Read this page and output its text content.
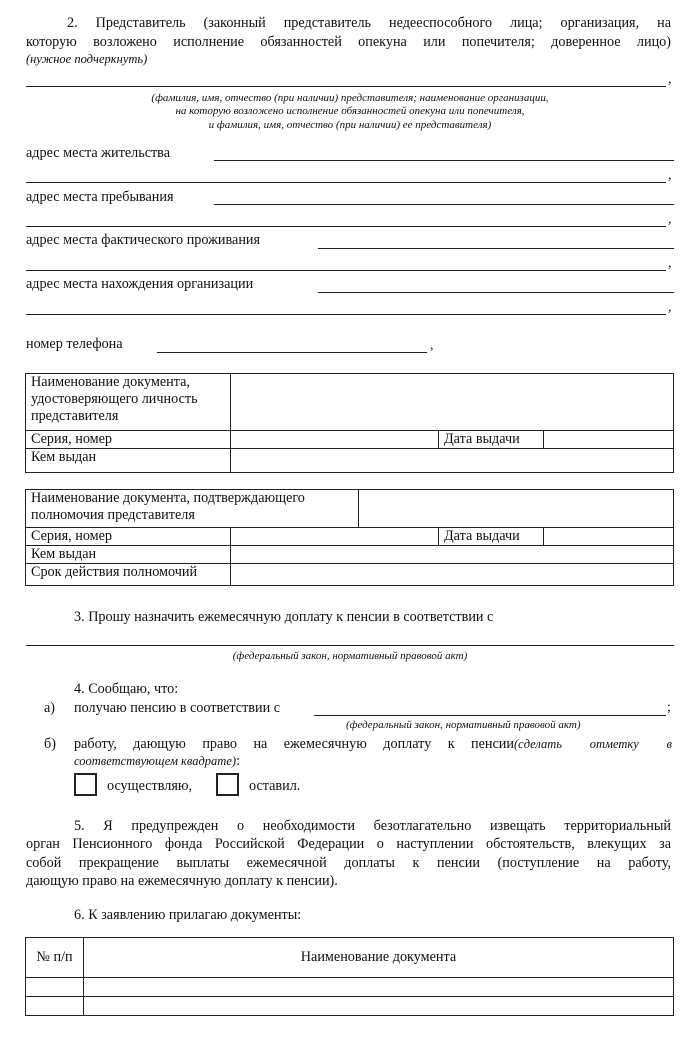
2. Представитель (законный представитель недееспособного лица; организация, на
которую возложено исполнение обязанностей опекуна или попечителя; доверенное лицо)
(нужное подчеркнуть)
,
(фамилия, имя, отчество (при наличии) представителя; наименование организации,
на которую возложено исполнение обязанностей опекуна или попечителя,
и фамилия, имя, отчество (при наличии) ее представителя)
адрес места жительства
,
адрес места пребывания
,
адрес места фактического проживания
,
адрес места нахождения организации
,
номер телефона	,
Наименование документа,
удостоверяющего личность
представителя			
Серия, номер		Дата выдачи	
Кем выдан			
Наименование документа, подтверждающего
полномочия представителя				
Серия, номер			Дата выдачи	
Кем выдан				
Срок действия полномочий				
3. Прошу назначить ежемесячную доплату к пенсии в соответствии с
(федеральный закон, нормативный правовой акт)
4. Сообщаю, что:
а) получаю пенсию в соответствии с	;
(федеральный закон, нормативный правовой акт)
б) работу, дающую право на ежемесячную доплату к пенсии(сделать отметку в
соответствующем квадрате):
осуществляю,	оставил.
5. Я предупрежден о необходимости безотлагательно извещать территориальный
орган Пенсионного фонда Российской Федерации о наступлении обстоятельств, влекущих за
собой прекращение выплаты ежемесячной доплаты к пенсии (поступление на работу,
дающую право на ежемесячную доплату к пенсии).
6. К заявлению прилагаю документы:
№ п/п	Наименование документа
